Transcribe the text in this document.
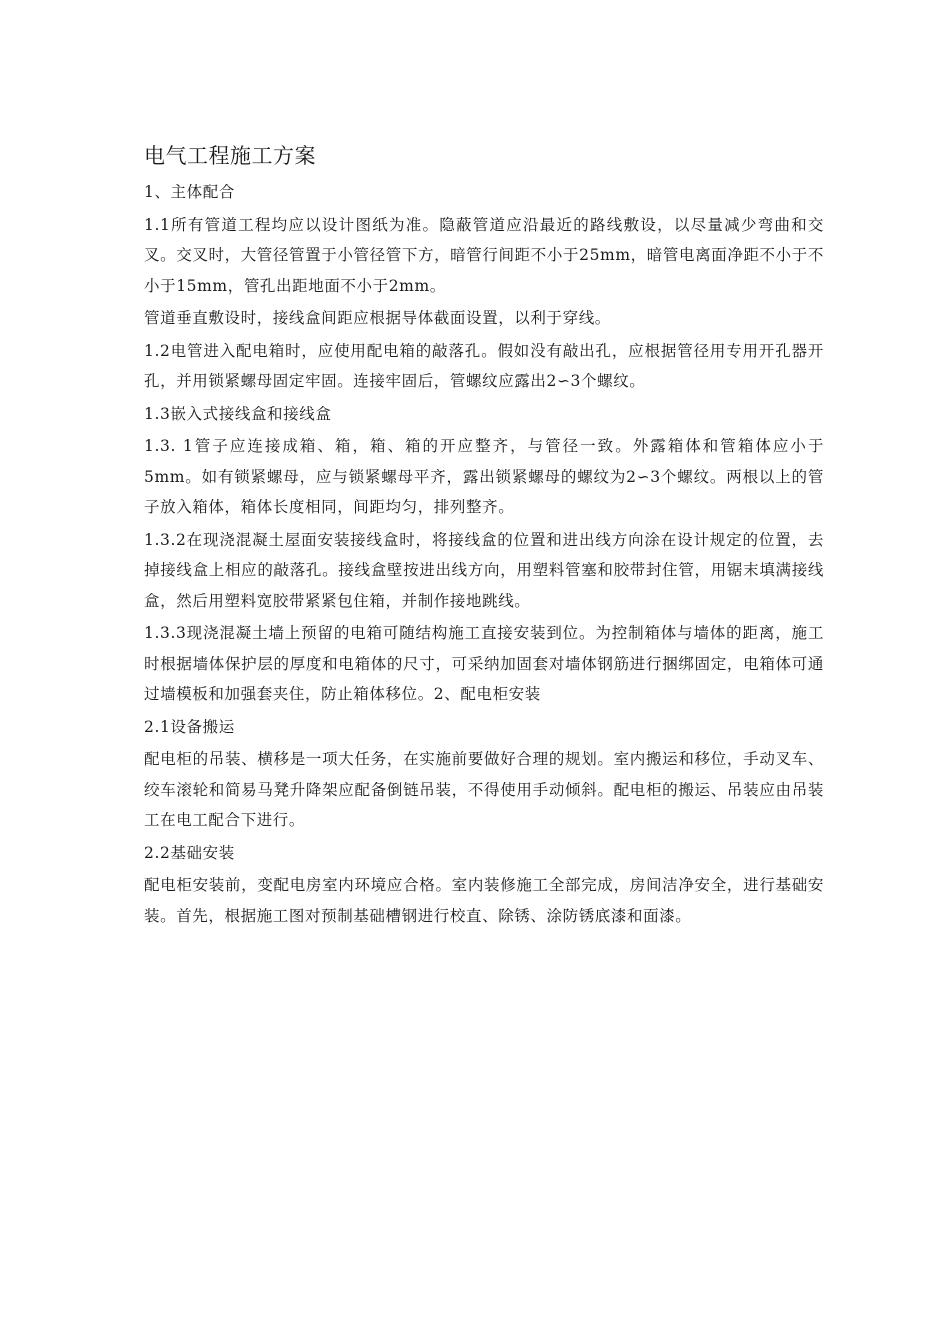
电气工程施工方案

1、主体配合

1.1所有管道工程均应以设计图纸为准。隐蔽管道应沿最近的路线敷设，以尽量减少弯曲和交叉。交叉时，大管径管置于小管径管下方，暗管行间距不小于25mm，暗管电离面净距不小于不小于15mm，管孔出距地面不小于2mm。

管道垂直敷设时，接线盒间距应根据导体截面设置，以利于穿线。

1.2电管进入配电箱时，应使用配电箱的敲落孔。假如没有敲出孔，应根据管径用专用开孔器开孔，并用锁紧螺母固定牢固。连接牢固后，管螺纹应露出2∽3个螺纹。

1.3嵌入式接线盒和接线盒

1.3. 1管子应连接成箱、箱，箱、箱的开应整齐，与管径一致。外露箱体和管箱体应小于5mm。如有锁紧螺母，应与锁紧螺母平齐，露出锁紧螺母的螺纹为2∽3个螺纹。两根以上的管子放入箱体，箱体长度相同，间距均匀，排列整齐。

1.3.2在现浇混凝土屋面安装接线盒时，将接线盒的位置和进出线方向涂在设计规定的位置，去掉接线盒上相应的敲落孔。接线盒壁按进出线方向，用塑料管塞和胶带封住管，用锯末填满接线盒，然后用塑料宽胶带紧紧包住箱，并制作接地跳线。

1.3.3现浇混凝土墙上预留的电箱可随结构施工直接安装到位。为控制箱体与墙体的距离，施工时根据墙体保护层的厚度和电箱体的尺寸，可采纳加固套对墙体钢筋进行捆绑固定，电箱体可通过墙模板和加强套夹住，防止箱体移位。2、配电柜安装

2.1设备搬运

配电柜的吊装、横移是一项大任务，在实施前要做好合理的规划。室内搬运和移位，手动叉车、绞车滚轮和简易马凳升降架应配备倒链吊装，不得使用手动倾斜。配电柜的搬运、吊装应由吊装工在电工配合下进行。

2.2基础安装

配电柜安装前，变配电房室内环境应合格。室内装修施工全部完成，房间洁净安全，进行基础安装。首先，根据施工图对预制基础槽钢进行校直、除锈、涂防锈底漆和面漆。
